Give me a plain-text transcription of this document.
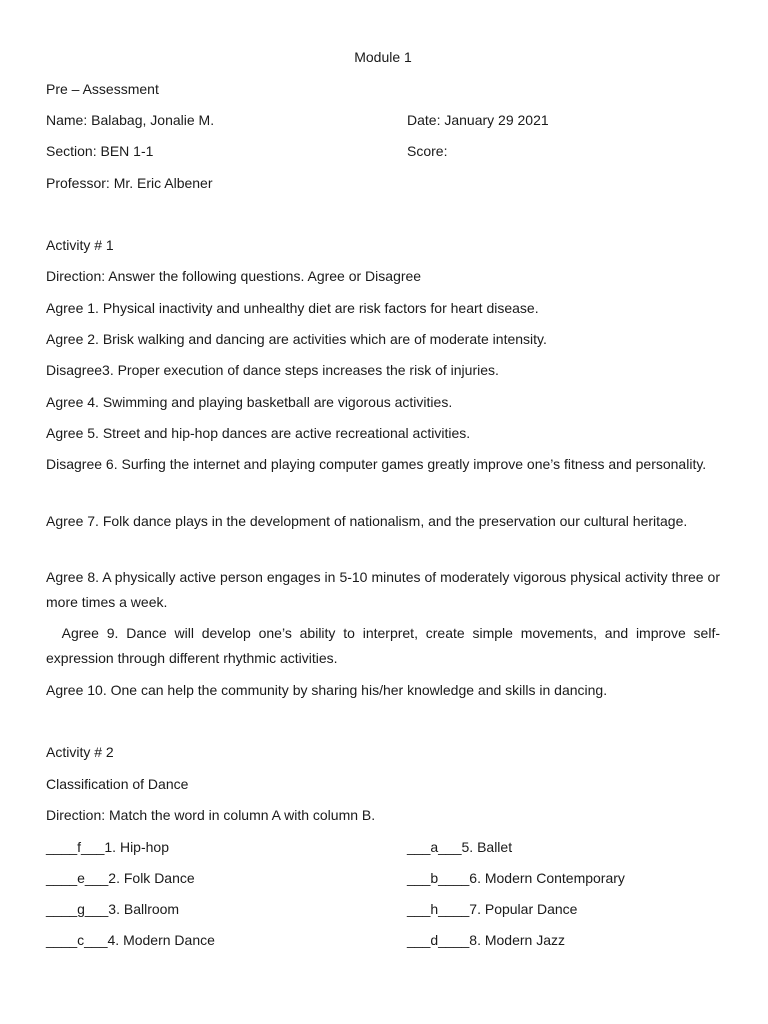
Module 1
Pre – Assessment
Name: Balabag, Jonalie M.	Date: January 29 2021
Section: BEN 1-1	Score:
Professor: Mr. Eric Albener
Activity # 1
Direction: Answer the following questions. Agree or Disagree
Agree 1. Physical inactivity and unhealthy diet are risk factors for heart disease.
Agree 2. Brisk walking and dancing are activities which are of moderate intensity.
Disagree3. Proper execution of dance steps increases the risk of injuries.
Agree 4. Swimming and playing basketball are vigorous activities.
Agree 5. Street and hip-hop dances are active recreational activities.
Disagree 6. Surfing the internet and playing computer games greatly improve one’s fitness and personality.
Agree 7. Folk dance plays in the development of nationalism, and the preservation our cultural heritage.
Agree 8. A physically active person engages in 5-10 minutes of moderately vigorous physical activity three or more times a week.
Agree 9. Dance will develop one’s ability to interpret, create simple movements, and improve self- expression through different rhythmic activities.
Agree 10. One can help the community by sharing his/her knowledge and skills in dancing.
Activity # 2
Classification of Dance
Direction: Match the word in column A with column B.
____f___1. Hip-hop	___a___5. Ballet
____e___2. Folk Dance	___b____6. Modern Contemporary
____g___3. Ballroom	___h____7. Popular Dance
____c___4. Modern Dance	___d____8. Modern Jazz
